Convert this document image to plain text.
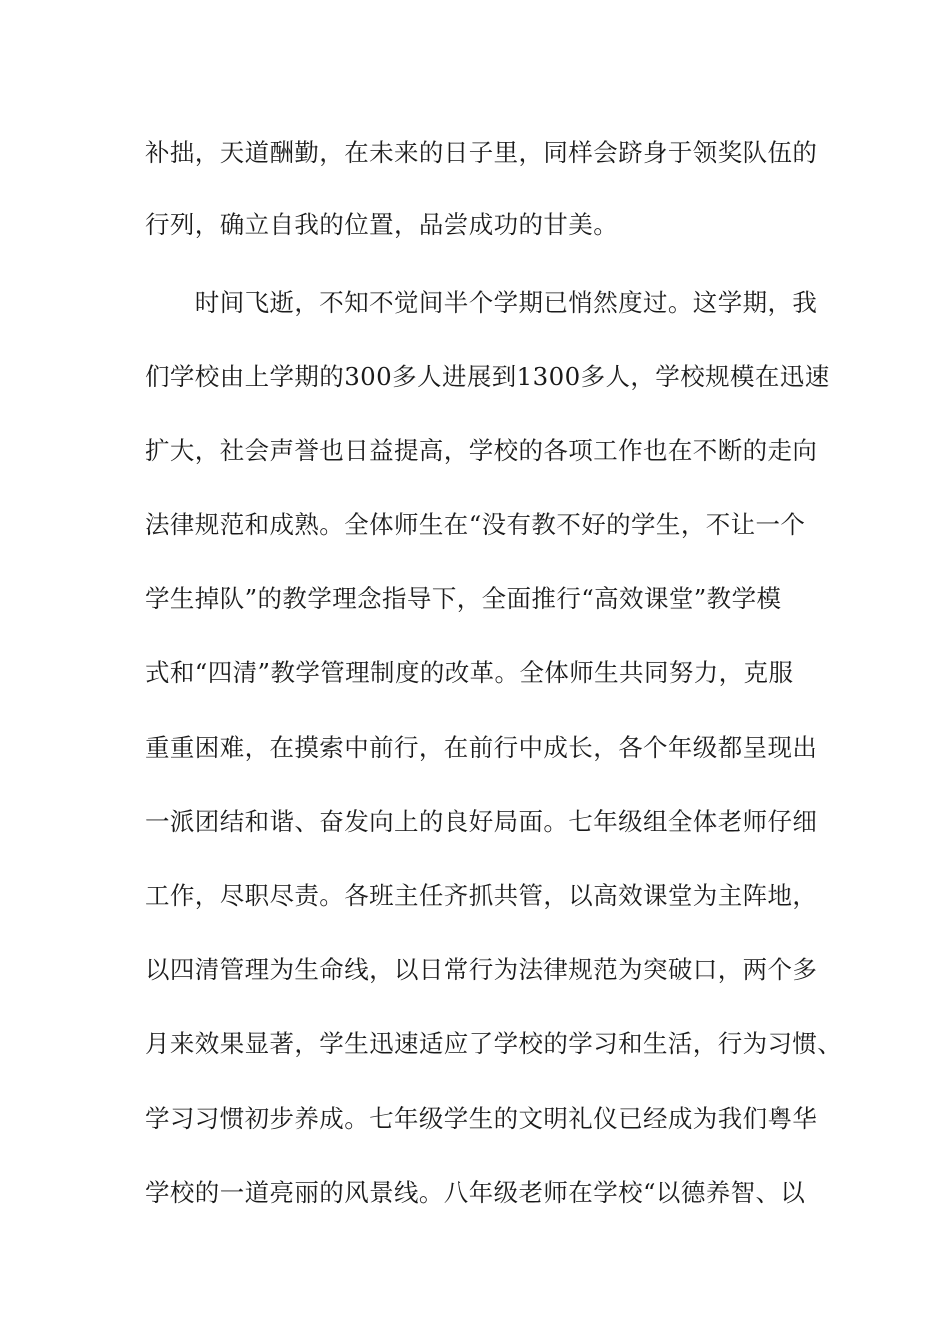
补拙，天道酬勤，在未来的日子里，同样会跻身于领奖队伍的
行列，确立自我的位置，品尝成功的甘美。
　　时间飞逝，不知不觉间半个学期已悄然度过。这学期，我
们学校由上学期的300多人进展到1300多人，学校规模在迅速
扩大，社会声誉也日益提高，学校的各项工作也在不断的走向
法律规范和成熟。全体师生在“没有教不好的学生，不让一个
学生掉队”的教学理念指导下，全面推行“高效课堂”教学模
式和“四清”教学管理制度的改革。全体师生共同努力，克服
重重困难，在摸索中前行，在前行中成长，各个年级都呈现出
一派团结和谐、奋发向上的良好局面。七年级组全体老师仔细
工作，尽职尽责。各班主任齐抓共管，以高效课堂为主阵地，
以四清管理为生命线，以日常行为法律规范为突破口，两个多
月来效果显著，学生迅速适应了学校的学习和生活，行为习惯、
学习习惯初步养成。七年级学生的文明礼仪已经成为我们粤华
学校的一道亮丽的风景线。八年级老师在学校“以德养智、以
